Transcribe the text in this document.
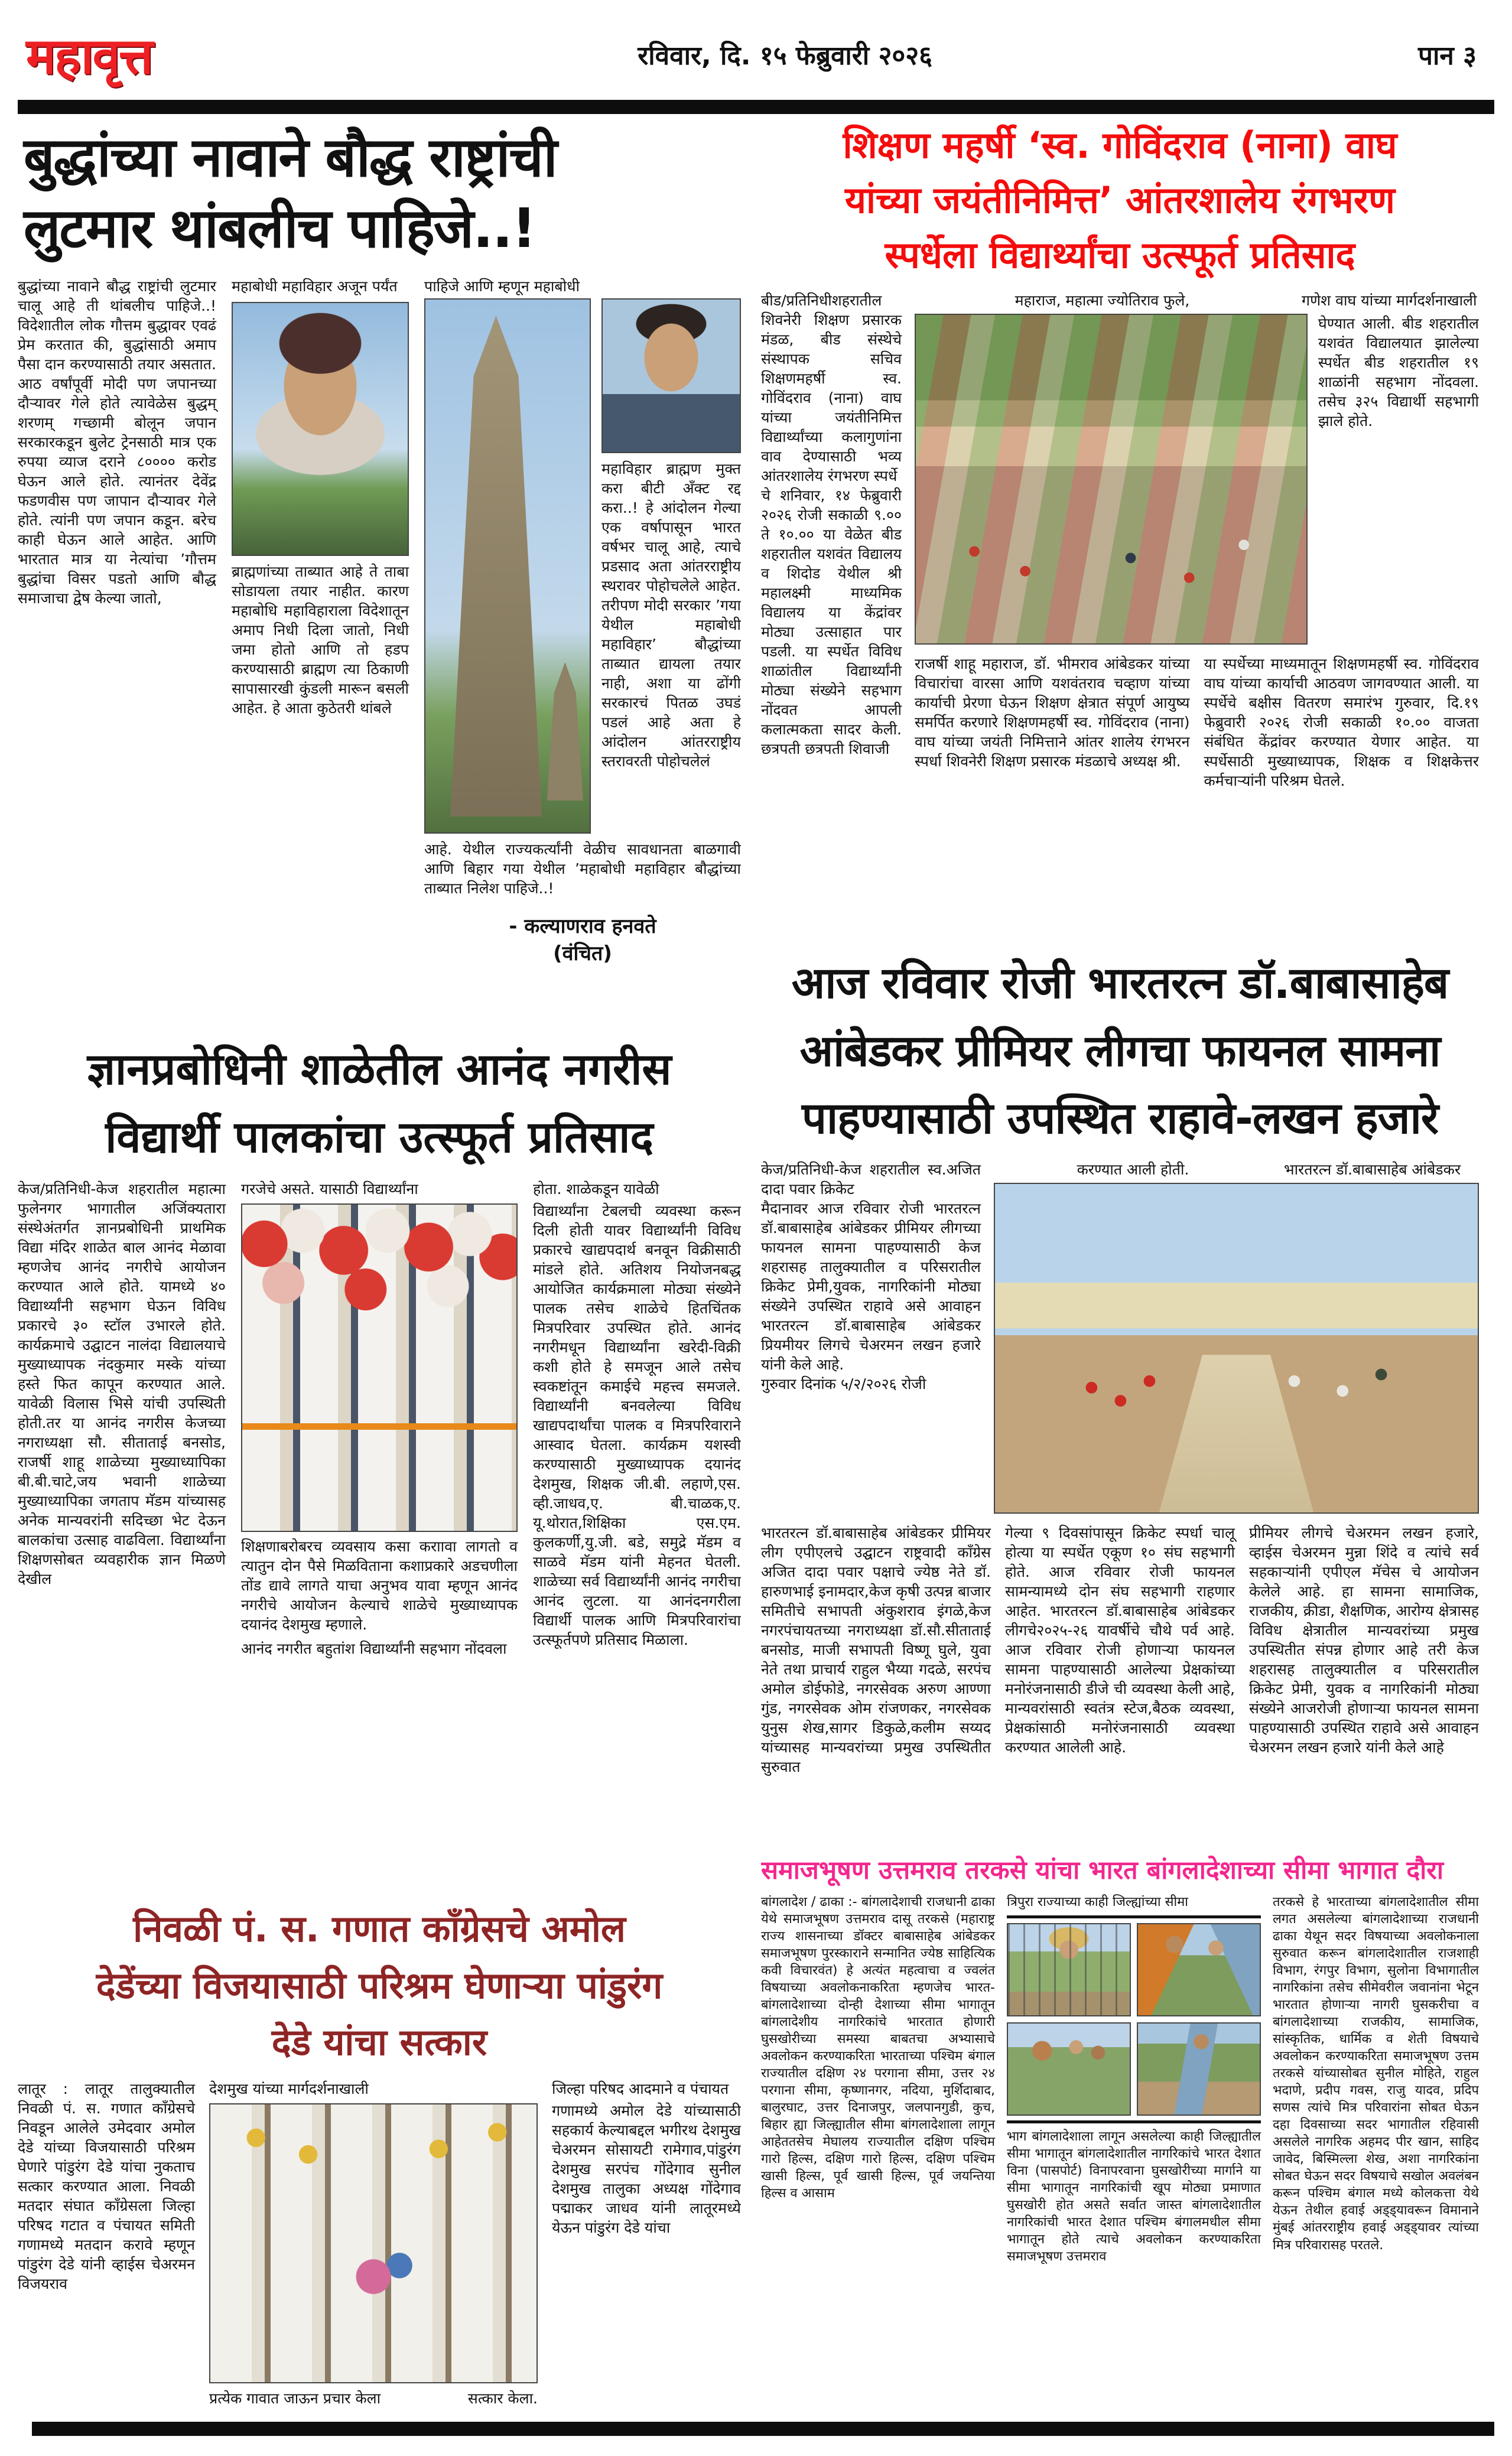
महावृत्त	रविवार, दि. १५ फेब्रुवारी २०२६	पान ३
बुद्धांच्या नावाने बौद्ध राष्ट्रांची
लुटमार थांबलीच पाहिजे..!
बुद्धांच्या नावाने बौद्ध राष्ट्रांची लुटमार चालू आहे ती थांबलीच पाहिजे..! विदेशातील लोक गौत्तम बुद्धावर एवढं प्रेम करतात की, बुद्धांसाठी अमाप पैसा दान करण्यासाठी तयार असतात. आठ वर्षांपूर्वी मोदी पण जपानच्या दौऱ्यावर गेले होते त्यावेळेस बुद्धम् शरणम् गच्छामी बोलून जपान सरकारकडून बुलेट ट्रेनसाठी मात्र एक रुपया व्याज दराने ८०००० करोड घेऊन आले होते. त्यानंतर देवेंद्र फडणवीस पण जापान दौऱ्यावर गेले होते. त्यांनी पण जपान कडून. बरेच काही घेऊन आले आहेत. आणि भारतात मात्र या नेत्यांचा ’गौत्तम बुद्धांचा विसर पडतो आणि बौद्ध समाजाचा द्वेष केल्या जातो,
महाबोधी महाविहार अजून पर्यंत
ब्राह्मणांच्या ताब्यात आहे ते ताबा सोडायला तयार नाहीत. कारण महाबोधि महाविहाराला विदेशातून अमाप निधी दिला जातो, निधी जमा होतो आणि तो हडप करण्यासाठी ब्राह्मण त्या ठिकाणी सापासारखी कुंडली मारून बसली आहेत. हे आता कुठेतरी थांबले
पाहिजे आणि म्हणून महाबोधी
महाविहार ब्राह्मण मुक्त करा बीटी अँक्ट रद्द करा..! हे आंदोलन गेल्या एक वर्षापासून भारत वर्षभर चालू आहे, त्याचे प्रडसाद अता आंतरराष्ट्रीय स्थरावर पोहोचलेले आहेत. तरीपण मोदी सरकार ’गया येथील महाबोधी महाविहार’ बौद्धांच्या ताब्यात द्यायला तयार नाही, अशा या ढोंगी सरकारचं पितळ उघडं पडलं आहे अता हे आंदोलन आंतरराष्ट्रीय स्तरावरती पोहोचलेलं
आहे. येथील राज्यकर्त्यांनी वेळीच सावधानता बाळगावी आणि बिहार गया येथील ’महाबोधी महाविहार बौद्धांच्या ताब्यात निलेश पाहिजे..!
- कल्याणराव हनवते
(वंचित)
ज्ञानप्रबोधिनी शाळेतील आनंद नगरीस
विद्यार्थी पालकांचा उत्स्फूर्त प्रतिसाद
केज/प्रतिनिधी-केज शहरातील महात्मा फुलेनगर भागातील अजिंक्यतारा संस्थेअंतर्गत ज्ञानप्रबोधिनी प्राथमिक विद्या मंदिर शाळेत बाल आनंद मेळावा म्हणजेच आनंद नगरीचे आयोजन करण्यात आले होते. यामध्ये ४० विद्यार्थ्यांनी सहभाग घेऊन विविध प्रकारचे ३० स्टॉल उभारले होते. कार्यक्रमाचे उद्घाटन नालंदा विद्यालयाचे मुख्याध्यापक नंदकुमार मस्के यांच्या हस्ते फित कापून करण्यात आले. यावेळी विलास भिसे यांची उपस्थिती होती.तर या आनंद नगरीस केजच्या नगराध्यक्षा सौ. सीताताई बनसोड, राजर्षी शाहू शाळेच्या मुख्याध्यापिका बी.बी.चाटे,जय भवानी शाळेच्या मुख्याध्यापिका जगताप मॅडम यांच्यासह अनेक मान्यवरांनी सदिच्छा भेट देऊन बालकांचा उत्साह वाढविला. विद्यार्थ्यांना शिक्षणसोबत व्यवहारीक ज्ञान मिळणे देखील
गरजेचे असते. यासाठी विद्यार्थ्यांना
शिक्षणाबरोबरच व्यवसाय कसा कराावा लागतो व त्यातुन दोन पैसे मिळविताना कशाप्रकारे अडचणीला तोंड द्यावे लागते याचा अनुभव यावा म्हणून आनंद नगरीचे आयोजन केल्याचे शाळेचे मुख्याध्यापक दयानंद देशमुख म्हणाले.
आनंद नगरीत बहुतांश विद्यार्थ्यांनी सहभाग नोंदवला
होता. शाळेकडून यावेळी
विद्यार्थ्यांना टेबलची व्यवस्था करून दिली होती यावर विद्यार्थ्यांनी विविध प्रकारचे खाद्यपदार्थ बनवून विक्रीसाठी मांडले होते. अतिशय नियोजनबद्ध आयोजित कार्यक्रमाला मोठ्या संख्येने पालक तसेच शाळेचे हितचिंतक मित्रपरिवार उपस्थित होते. आनंद नगरीमधून विद्यार्थ्यांना खरेदी-विक्री कशी होते हे समजून आले तसेच स्वकष्टांतून कमाईचे महत्त्व समजले. विद्यार्थ्यांनी बनवलेल्या विविध खाद्यपदार्थांचा पालक व मित्रपरिवाराने आस्वाद घेतला. कार्यक्रम यशस्वी करण्यासाठी मुख्याध्यापक दयानंद देशमुख, शिक्षक जी.बी. लहाणे,एस. व्ही.जाधव,ए. बी.चाळक,ए. यू.थोरात,शिक्षिका एस.एम. कुलकर्णी,यु.जी. बडे, समुद्रे मॅडम व साळवे मॅडम यांनी मेहनत घेतली. शाळेच्या सर्व विद्यार्थ्यांनी आनंद नगरीचा आनंद लुटला. या आनंदनगरीला विद्यार्थी पालक आणि मित्रपरिवारांचा उत्स्फूर्तपणे प्रतिसाद मिळाला.
निवळी पं. स. गणात काँग्रेसचे अमोल
देडेंच्या विजयासाठी परिश्रम घेणाऱ्या पांडुरंग
देडे यांचा सत्कार
लातूर : लातूर तालुक्यातील निवळी पं. स. गणात काँग्रेसचे निवडून आलेले उमेदवार अमोल देडे यांच्या विजयासाठी परिश्रम घेणारे पांडुरंग देडे यांचा नुकताच सत्कार करण्यात आला. निवळी मतदार संघात काँग्रेसला जिल्हा परिषद गटात व पंचायत समिती गणामध्ये मतदान करावे म्हणून पांडुरंग देडे यांनी व्हाईस चेअरमन विजयराव
देशमुख यांच्या मार्गदर्शनाखाली
प्रत्येक गावात जाऊन प्रचार केला	सत्कार केला.
जिल्हा परिषद आदमाने व पंचायत
गणामध्ये अमोल देडे यांच्यासाठी सहकार्य केल्याबद्दल भगीरथ देशमुख चेअरमन सोसायटी रामेगाव,पांडुरंग देशमुख सरपंच गोंदेगाव सुनील देशमुख तालुका अध्यक्ष गोंदेगाव पद्माकर जाधव यांनी लातूरमध्ये येऊन पांडुरंग देडे यांचा
शिक्षण महर्षी ‘स्व. गोविंदराव (नाना) वाघ
यांच्या जयंतीनिमित्त’ आंतरशालेय रंगभरण
स्पर्धेला विद्यार्थ्यांचा उत्स्फूर्त प्रतिसाद
बीड/प्रतिनिधीशहरातील
शिवनेरी शिक्षण प्रसारक मंडळ, बीड संस्थेचे संस्थापक सचिव शिक्षणमहर्षी स्व. गोविंदराव (नाना) वाघ यांच्या जयंतीनिमित्त विद्यार्थ्यांच्या कलागुणांना वाव देण्यासाठी भव्य आंतरशालेय रंगभरण स्पर्धे
चे शनिवार, १४ फेब्रुवारी २०२६ रोजी सकाळी ९.०० ते १०.०० या वेळेत बीड शहरातील यशवंत विद्यालय व शिदोड येथील श्री महालक्ष्मी माध्यमिक विद्यालय या केंद्रांवर मोठ्या उत्साहात पार पडली. या स्पर्धेत विविध शाळांतील विद्यार्थ्यांनी मोठ्या संख्येने सहभाग नोंदवत आपली कलात्मकता सादर केली. छत्रपती छत्रपती शिवाजी
महाराज, महात्मा ज्योतिराव फुले,	गणेश वाघ यांच्या मार्गदर्शनाखाली
घेण्यात आली. बीड शहरातील यशवंत विद्यालयात झालेल्या स्पर्धेत बीड शहरातील १९ शाळांनी सहभाग नोंदवला. तसेच ३२५ विद्यार्थी सहभागी झाले होते.
राजर्षी शाहू महाराज, डॉ. भीमराव आंबेडकर यांच्या विचारांचा वारसा आणि यशवंतराव चव्हाण यांच्या कार्याची प्रेरणा घेऊन शिक्षण क्षेत्रात संपूर्ण आयुष्य समर्पित करणारे शिक्षणमहर्षी स्व. गोविंदराव (नाना) वाघ यांच्या जयंती निमित्ताने आंतर शालेय रंगभरन स्पर्धा शिवनेरी शिक्षण प्रसारक मंडळाचे अध्यक्ष श्री.
या स्पर्धेच्या माध्यमातून शिक्षणमहर्षी स्व. गोविंदराव वाघ यांच्या कार्याची आठवण जागवण्यात आली. या स्पर्धेचे बक्षीस वितरण समारंभ गुरुवार, दि.१९ फेब्रुवारी २०२६ रोजी सकाळी १०.०० वाजता संबंधित केंद्रांवर करण्यात येणार आहेत. या स्पर्धेसाठी मुख्याध्यापक, शिक्षक व शिक्षकेत्तर कर्मचाऱ्यांनी परिश्रम घेतले.
आज रविवार रोजी भारतरत्न डॉ.बाबासाहेब
आंबेडकर प्रीमियर लीगचा फायनल सामना
पाहण्यासाठी उपस्थित राहावे-लखन हजारे
केज/प्रतिनिधी-केज शहरातील स्व.अजित दादा पवार क्रिकेट
मैदानावर आज रविवार रोजी भारतरत्न डॉ.बाबासाहेब आंबेडकर प्रीमियर लीगच्या फायनल सामना पाहण्यासाठी केज शहरासह तालुक्यातील व परिसरातील क्रिकेट प्रेमी,युवक, नागरिकांनी मोठ्या संख्येने उपस्थित राहावे असे आवाहन भारतरत्न डॉ.बाबासाहेब आंबेडकर प्रियमीयर लिगचे चेअरमन लखन हजारे यांनी केले आहे.
गुरुवार दिनांक ५/२/२०२६ रोजी
करण्यात आली होती.	भारतरत्न डॉ.बाबासाहेब आंबेडकर
भारतरत्न डॉ.बाबासाहेब आंबेडकर प्रीमियर लीग एपीएलचे उद्घाटन राष्ट्रवादी काँग्रेस अजित दादा पवार पक्षाचे ज्येष्ठ नेते डॉ. हारुणभाई इनामदार,केज कृषी उत्पन्न बाजार समितीचे सभापती अंकुशराव इंगळे,केज नगरपंचायतच्या नगराध्यक्षा डॉ.सौ.सीताताई बनसोड, माजी सभापती विष्णू घुले, युवा नेते तथा प्राचार्य राहुल भैय्या गदळे, सरपंच अमोल डोईफोडे, नगरसेवक अरुण आण्णा गुंड, नगरसेवक ओम रांजणकर, नगरसेवक युनुस शेख,सागर डिकुळे,कलीम सय्यद यांच्यासह मान्यवरांच्या प्रमुख उपस्थितीत सुरुवात
गेल्या ९ दिवसांपासून क्रिकेट स्पर्धा चालू होत्या या स्पर्धेत एकूण १० संघ सहभागी होते. आज रविवार रोजी फायनल सामन्यामध्ये दोन संघ सहभागी राहणार आहेत. भारतरत्न डॉ.बाबासाहेब आंबेडकर लीगचे२०२५-२६ यावर्षीचे चौथे पर्व आहे. आज रविवार रोजी होणाऱ्या फायनल सामना पाहण्यासाठी आलेल्या प्रेक्षकांच्या मनोरंजनासाठी डीजे ची व्यवस्था केली आहे, मान्यवरांसाठी स्वतंत्र स्टेज,बैठक व्यवस्था, प्रेक्षकांसाठी मनोरंजनासाठी व्यवस्था करण्यात आलेली आहे.
प्रीमियर लीगचे चेअरमन लखन हजारे, व्हाईस चेअरमन मुन्ना शिंदे व त्यांचे सर्व सहकाऱ्यांनी एपीएल मॅचेस चे आयोजन केलेले आहे. हा सामना सामाजिक, राजकीय, क्रीडा, शैक्षणिक, आरोग्य क्षेत्रासह विविध क्षेत्रातील मान्यवरांच्या प्रमुख उपस्थितीत संपन्न होणार आहे तरी केज शहरासह तालुक्यातील व परिसरातील क्रिकेट प्रेमी, युवक व नागरिकांनी मोठ्या संख्येने आजरोजी होणाऱ्या फायनल सामना पाहण्यासाठी उपस्थित राहावे असे आवाहन चेअरमन लखन हजारे यांनी केले आहे
समाजभूषण उत्तमराव तरकसे यांचा भारत बांगलादेशाच्या सीमा भागात दौरा
बांगलादेश / ढाका :- बांगलादेशाची राजधानी ढाका येथे समाजभूषण उत्तमराव दासू तरकसे (महाराष्ट्र राज्य शासनाच्या डॉक्टर बाबासाहेब आंबेडकर समाजभूषण पुरस्काराने सन्मानित ज्येष्ठ साहित्यिक कवी विचारवंत) हे अत्यंत महत्वाचा व ज्वलंत विषयाच्या अवलोकनाकरिता म्हणजेच भारत-बांगलादेशाच्या दोन्ही देशाच्या सीमा भागातून बांगलादेशीय नागरिकांचे भारतात होणारी घुसखोरीच्या समस्या बाबतचा अभ्यासाचे अवलोकन करण्याकरिता भारताच्या पश्चिम बंगाल राज्यातील दक्षिण २४ परगाना सीमा, उत्तर २४ परगाना सीमा, कृष्णानगर, नदिया, मुर्शिदाबाद, बालुरघाट, उत्तर दिनाजपुर, जलपानगुडी, कुच, बिहार ह्या जिल्ह्यातील सीमा बांगलादेशाला लागून आहेततसेच मेघालय राज्यातील दक्षिण पश्चिम गारो हिल्स, दक्षिण गारो हिल्स, दक्षिण पश्चिम खासी हिल्स, पूर्व खासी हिल्स, पूर्व जयन्तिया हिल्स व आसाम
त्रिपुरा राज्याच्या काही जिल्ह्यांच्या सीमा
भाग बांगलादेशाला लागून असलेल्या काही जिल्ह्यातील सीमा भागातून बांगलादेशातील नागरिकांचे भारत देशात विना (पासपोर्ट) विनापरवाना घुसखोरीच्या मार्गाने या सीमा भागातून नागरिकांची खूप मोठ्या प्रमाणात घुसखोरी होत असते सर्वात जास्त बांगलादेशातील नागरिकांची भारत देशात पश्चिम बंगालमधील सीमा भागातून होते त्याचे अवलोकन करण्याकरिता समाजभूषण उत्तमराव
तरकसे हे भारताच्या बांगलादेशातील सीमा लगत असलेल्या बांगलादेशाच्या राजधानी ढाका येथून सदर विषयाच्या अवलोकनाला सुरुवात करून बांगलादेशातील राजशाही विभाग, रंगपुर विभाग, सुलोना विभागातील नागरिकांना तसेच सीमेवरील जवानांना भेटून भारतात होणाऱ्या नागरी घुसकरीचा व बांगलादेशाच्या राजकीय, सामाजिक, सांस्कृतिक, धार्मिक व शेती विषयाचे अवलोकन करण्याकरिता समाजभूषण उत्तम तरकसे यांच्यासोबत सुनील मोहिते, राहुल भदाणे, प्रदीप गवस, राजु यादव, प्रदिप सणस त्यांचे मित्र परिवारांना सोबत घेऊन दहा दिवसाच्या सदर भागातील रहिवासी असलेले नागरिक अहमद पीर खान, साहिद जावेद, बिस्मिल्ला शेख, अशा नागरिकांना सोबत घेऊन सदर विषयाचे सखोल अवलंबन करून पश्चिम बंगाल मध्ये कोलकत्ता येथे येऊन तेथील हवाई अड्ड्यावरून विमानाने मुंबई आंतरराष्ट्रीय हवाई अड्ड्यावर त्यांच्या मित्र परिवारासह परतले.
